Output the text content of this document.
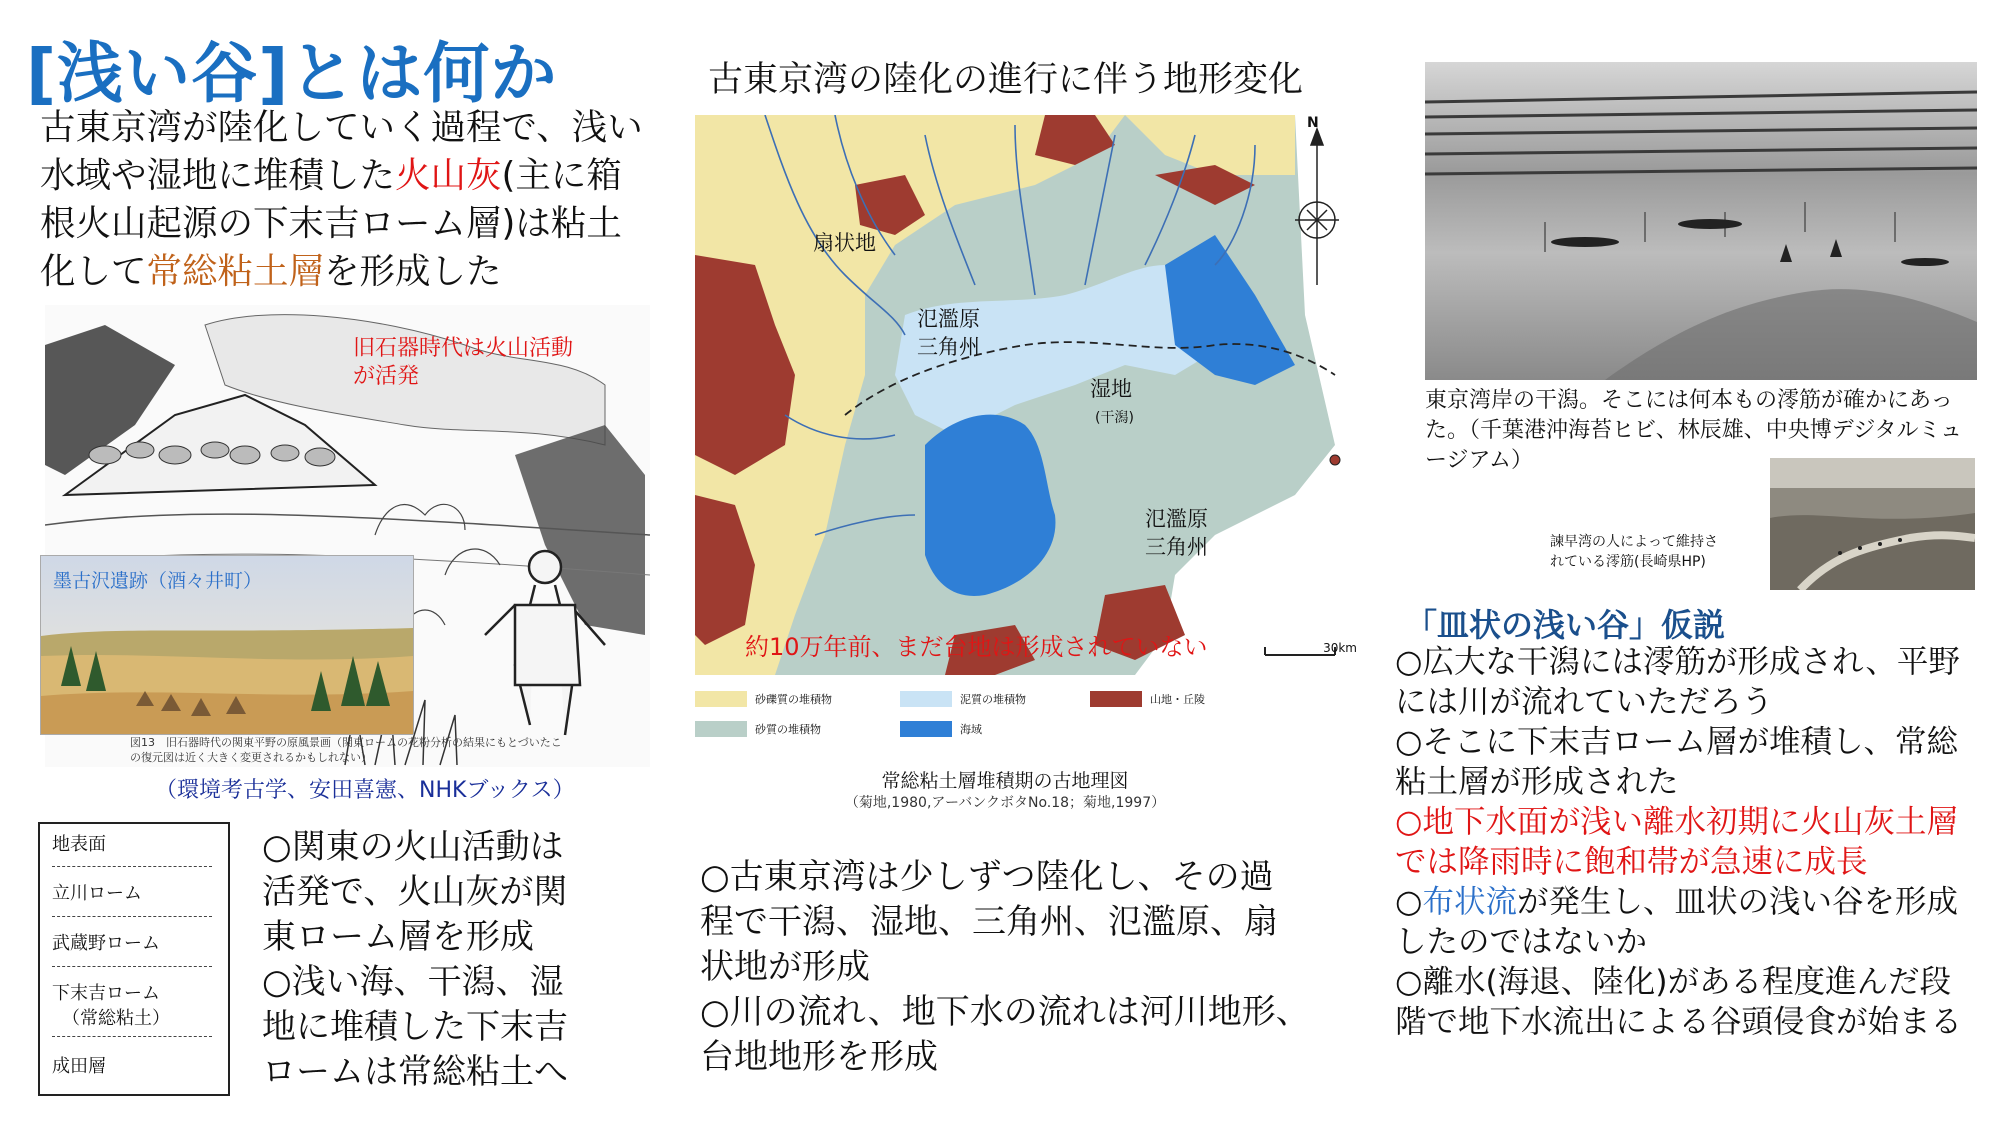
[浅い谷]とは何か
古東京湾が陸化していく過程で、浅い水域や湿地に堆積した火山灰(主に箱根火山起源の下末吉ローム層)は粘土化して常総粘土層を形成した
旧石器時代は火山活動が活発
墨古沢遺跡（酒々井町）
図13　旧石器時代の関東平野の原風景画（関東ロームの花粉分析の結果にもとづいたこの復元図は近く大きく変更されるかもしれない）
（環境考古学、安田喜憲、NHKブックス）
地表面
立川ローム
武蔵野ローム
下末吉ローム
（常総粘土）
成田層
○関東の火山活動は
活発で、火山灰が関
東ローム層を形成
○浅い海、干潟、湿
地に堆積した下末吉
ロームは常総粘土へ
古東京湾の陸化の進行に伴う地形変化
扇状地
氾濫原
三角州
湿地
(干潟)
氾濫原
三角州
N
30km
約10万年前、まだ台地は形成されていない
砂礫質の堆積物	泥質の堆積物	山地・丘陵
砂質の堆積物	海域
常総粘土層堆積期の古地理図
（菊地,1980,アーバンクボタNo.18；菊地,1997）
○古東京湾は少しずつ陸化し、その過
程で干潟、湿地、三角州、氾濫原、扇
状地が形成
○川の流れ、地下水の流れは河川地形、
台地地形を形成
東京湾岸の干潟。そこには何本もの澪筋が確かにあった。（千葉港沖海苔ヒビ、林辰雄、中央博デジタルミュージアム）
諫早湾の人によって維持さ
れている澪筋(長崎県HP)
「皿状の浅い谷」仮説
○広大な干潟には澪筋が形成され、平野には川が流れていただろう
○そこに下末吉ローム層が堆積し、常総粘土層が形成された
○地下水面が浅い離水初期に火山灰土層では降雨時に飽和帯が急速に成長
○布状流が発生し、皿状の浅い谷を形成したのではないか
○離水(海退、陸化)がある程度進んだ段階で地下水流出による谷頭侵食が始まる
